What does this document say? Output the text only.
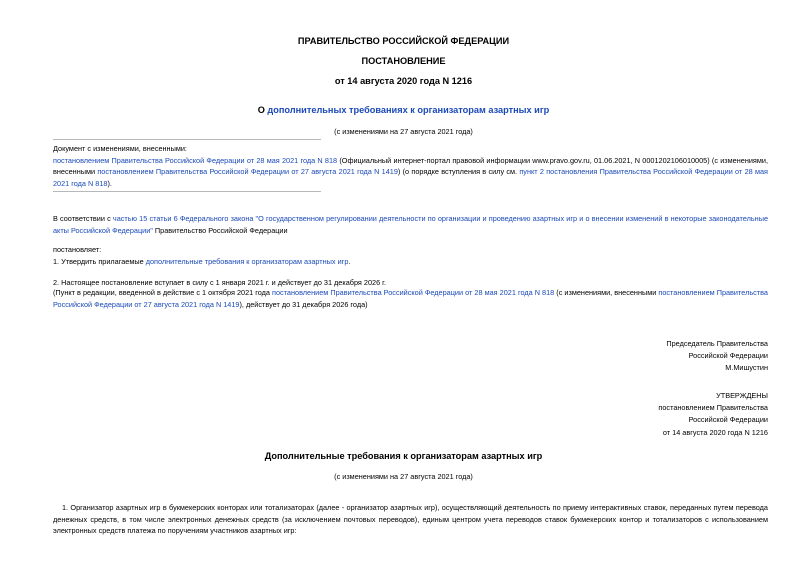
ПРАВИТЕЛЬСТВО РОССИЙСКОЙ ФЕДЕРАЦИИ
ПОСТАНОВЛЕНИЕ
от 14 августа 2020 года N 1216
О дополнительных требованиях к организаторам азартных игр
(с изменениями на 27 августа 2021 года)
Документ с изменениями, внесенными:
постановлением Правительства Российской Федерации от 28 мая 2021 года N 818 (Официальный интернет-портал правовой информации www.pravo.gov.ru, 01.06.2021, N 0001202106010005) (с изменениями, внесенными постановлением Правительства Российской Федерации от 27 августа 2021 года N 1419) (о порядке вступления в силу см. пункт 2 постановления Правительства Российской Федерации от 28 мая 2021 года N 818).
В соответствии с частью 15 статьи 6 Федерального закона "О государственном регулировании деятельности по организации и проведению азартных игр и о внесении изменений в некоторые законодательные акты Российской Федерации" Правительство Российской Федерации
постановляет:
1. Утвердить прилагаемые дополнительные требования к организаторам азартных игр.
2. Настоящее постановление вступает в силу с 1 января 2021 г. и действует до 31 декабря 2026 г.
(Пункт в редакции, введенной в действие с 1 октября 2021 года постановлением Правительства Российской Федерации от 28 мая 2021 года N 818 (с изменениями, внесенными постановлением Правительства Российской Федерации от 27 августа 2021 года N 1419), действует до 31 декабря 2026 года)
Председатель Правительства
Российской Федерации
М.Мишустин
УТВЕРЖДЕНЫ
постановлением Правительства
Российской Федерации
от 14 августа 2020 года N 1216
Дополнительные требования к организаторам азартных игр
(с изменениями на 27 августа 2021 года)
1. Организатор азартных игр в букмекерских конторах или тотализаторах (далее - организатор азартных игр), осуществляющий деятельность по приему интерактивных ставок, переданных путем перевода денежных средств, в том числе электронных денежных средств (за исключением почтовых переводов), единым центром учета переводов ставок букмекерских контор и тотализаторов с использованием электронных средств платежа по поручениям участников азартных игр:
